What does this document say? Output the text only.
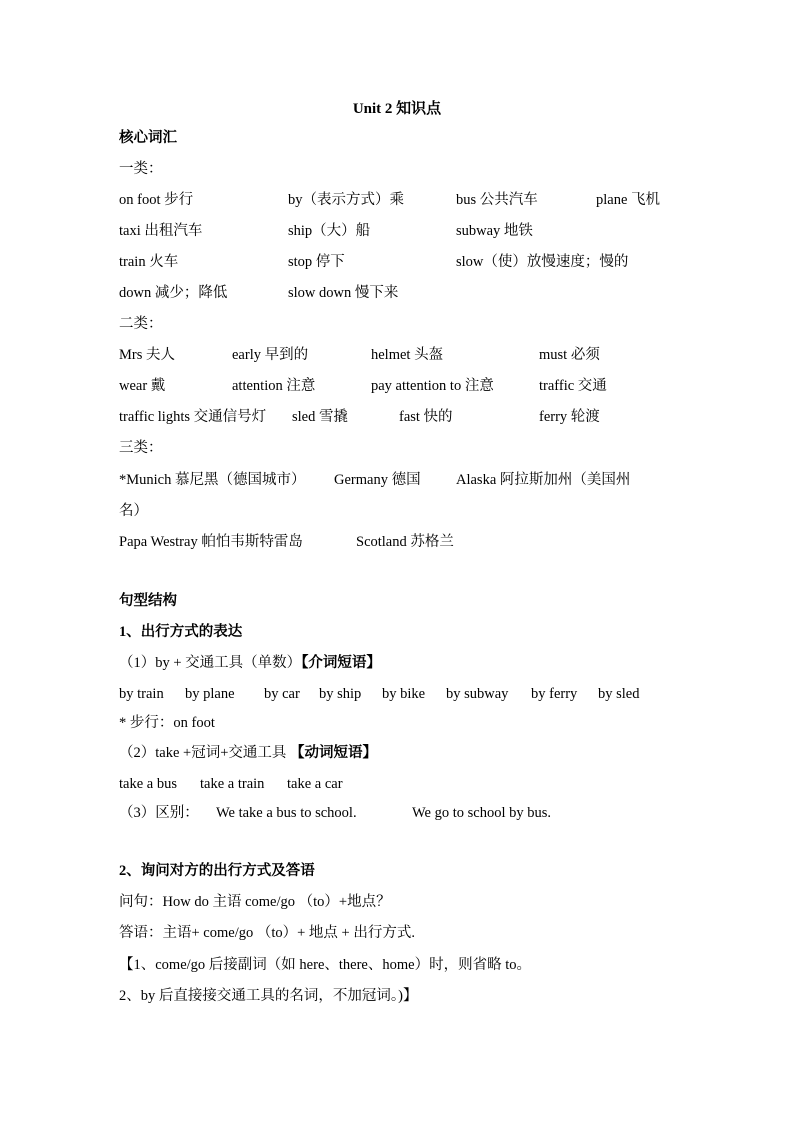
Unit 2 知识点
核心词汇
一类：
on foot 步行	by（表示方式）乘	bus 公共汽车	plane 飞机
taxi 出租汽车	ship（大）船	subway 地铁
train 火车	stop 停下	slow（使）放慢速度；慢的
down 减少；降低	slow down 慢下来
二类：
Mrs 夫人	early 早到的	helmet 头盔	must 必须
wear 戴	attention 注意	pay attention to 注意	traffic 交通
traffic lights 交通信号灯 sled 雪撬	fast 快的	ferry 轮渡
三类：
*Munich 慕尼黑（德国城市） Germany 德国 Alaska 阿拉斯加州（美国州
名）
Papa Westray 帕怕韦斯特雷岛	Scotland 苏格兰
句型结构
1、出行方式的表达
（1）by + 交通工具（单数）【介词短语】
by train by plane by car by ship by bike by subway by ferry by sled
* 步行：on foot
（2）take +冠词+交通工具 【动词短语】
take a bus take a train take a car
（3）区别： We take a bus to school.	We go to school by bus.
2、询问对方的出行方式及答语
问句：How do 主语 come/go （to）+地点？
答语：主语+ come/go （to）+ 地点 + 出行方式.
【1、come/go 后接副词（如 here、there、home）时，则省略 to。
2、by 后直接接交通工具的名词，不加冠词。)】
